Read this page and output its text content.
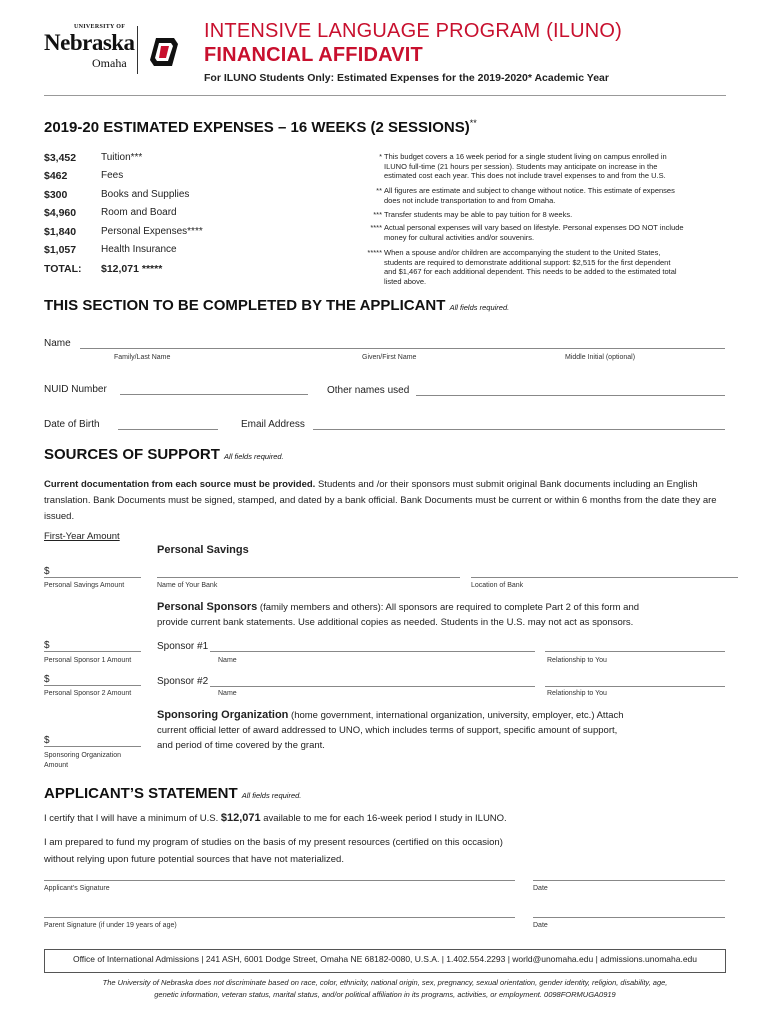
UNIVERSITY OF
Nebraska
Omaha
INTENSIVE LANGUAGE PROGRAM (ILUNO)
FINANCIAL AFFIDAVIT
For ILUNO Students Only: Estimated Expenses for the 2019-2020* Academic Year
2019-20 ESTIMATED EXPENSES – 16 WEEKS (2 SESSIONS)**
$3,452 Tuition***
$462	Fees
$300	Books and Supplies
$4,960 Room and Board
$1,840 Personal Expenses****
$1,057 Health Insurance
TOTAL: $12,071 *****
* This budget covers a 16 week period for a single student living on campus enrolled in ILUNO full-time (21 hours per session). Students may anticipate on increase in the estimated cost each year. This does not include travel expenses to and from the U.S.
** All figures are estimate and subject to change without notice. This estimate of expenses does not include transportation to and from Omaha.
*** Transfer students may be able to pay tuition for 8 weeks.
**** Actual personal expenses will vary based on lifestyle. Personal expenses DO NOT include money for cultural activities and/or souvenirs.
***** When a spouse and/or children are accompanying the student to the United States, students are required to demonstrate additional support: $2,515 for the first dependent and $1,467 for each additional dependent. This needs to be added to the estimated total listed above.
THIS SECTION TO BE COMPLETED BY THE APPLICANT All fields required.
Name
Family/Last Name	Given/First Name	Middle Initial (optional)
NUID Number	Other names used
Date of Birth	Email Address
SOURCES OF SUPPORT All fields required.
Current documentation from each source must be provided. Students and /or their sponsors must submit original Bank documents including an English translation. Bank Documents must be signed, stamped, and dated by a bank official. Bank Documents must be current or within 6 months from the date they are issued.
First-Year Amount
Personal Savings
$
Personal Savings Amount	Name of Your Bank	Location of Bank
Personal Sponsors (family members and others): All sponsors are required to complete Part 2 of this form and provide current bank statements. Use additional copies as needed. Students in the U.S. may not act as sponsors.
$
Personal Sponsor 1 Amount
Sponsor #1
Name	Relationship to You
$
Personal Sponsor 2 Amount
Sponsor #2
Name	Relationship to You
Sponsoring Organization (home government, international organization, university, employer, etc.) Attach current official letter of award addressed to UNO, which includes terms of support, specific amount of support, and period of time covered by the grant.
$
Sponsoring Organization Amount
APPLICANT’S STATEMENT All fields required.
I certify that I will have a minimum of U.S. $12,071 available to me for each 16-week period I study in ILUNO.
I am prepared to fund my program of studies on the basis of my present resources (certified on this occasion) without relying upon future potential sources that have not materialized.
Applicant’s Signature	Date
Parent Signature (if under 19 years of age)	Date
Office of International Admissions | 241 ASH, 6001 Dodge Street, Omaha NE 68182-0080, U.S.A. | 1.402.554.2293 | world@unomaha.edu | admissions.unomaha.edu
The University of Nebraska does not discriminate based on race, color, ethnicity, national origin, sex, pregnancy, sexual orientation, gender identity, religion, disability, age, genetic information, veteran status, marital status, and/or political affiliation in its programs, activities, or employment. 0098FORMUGA0919
